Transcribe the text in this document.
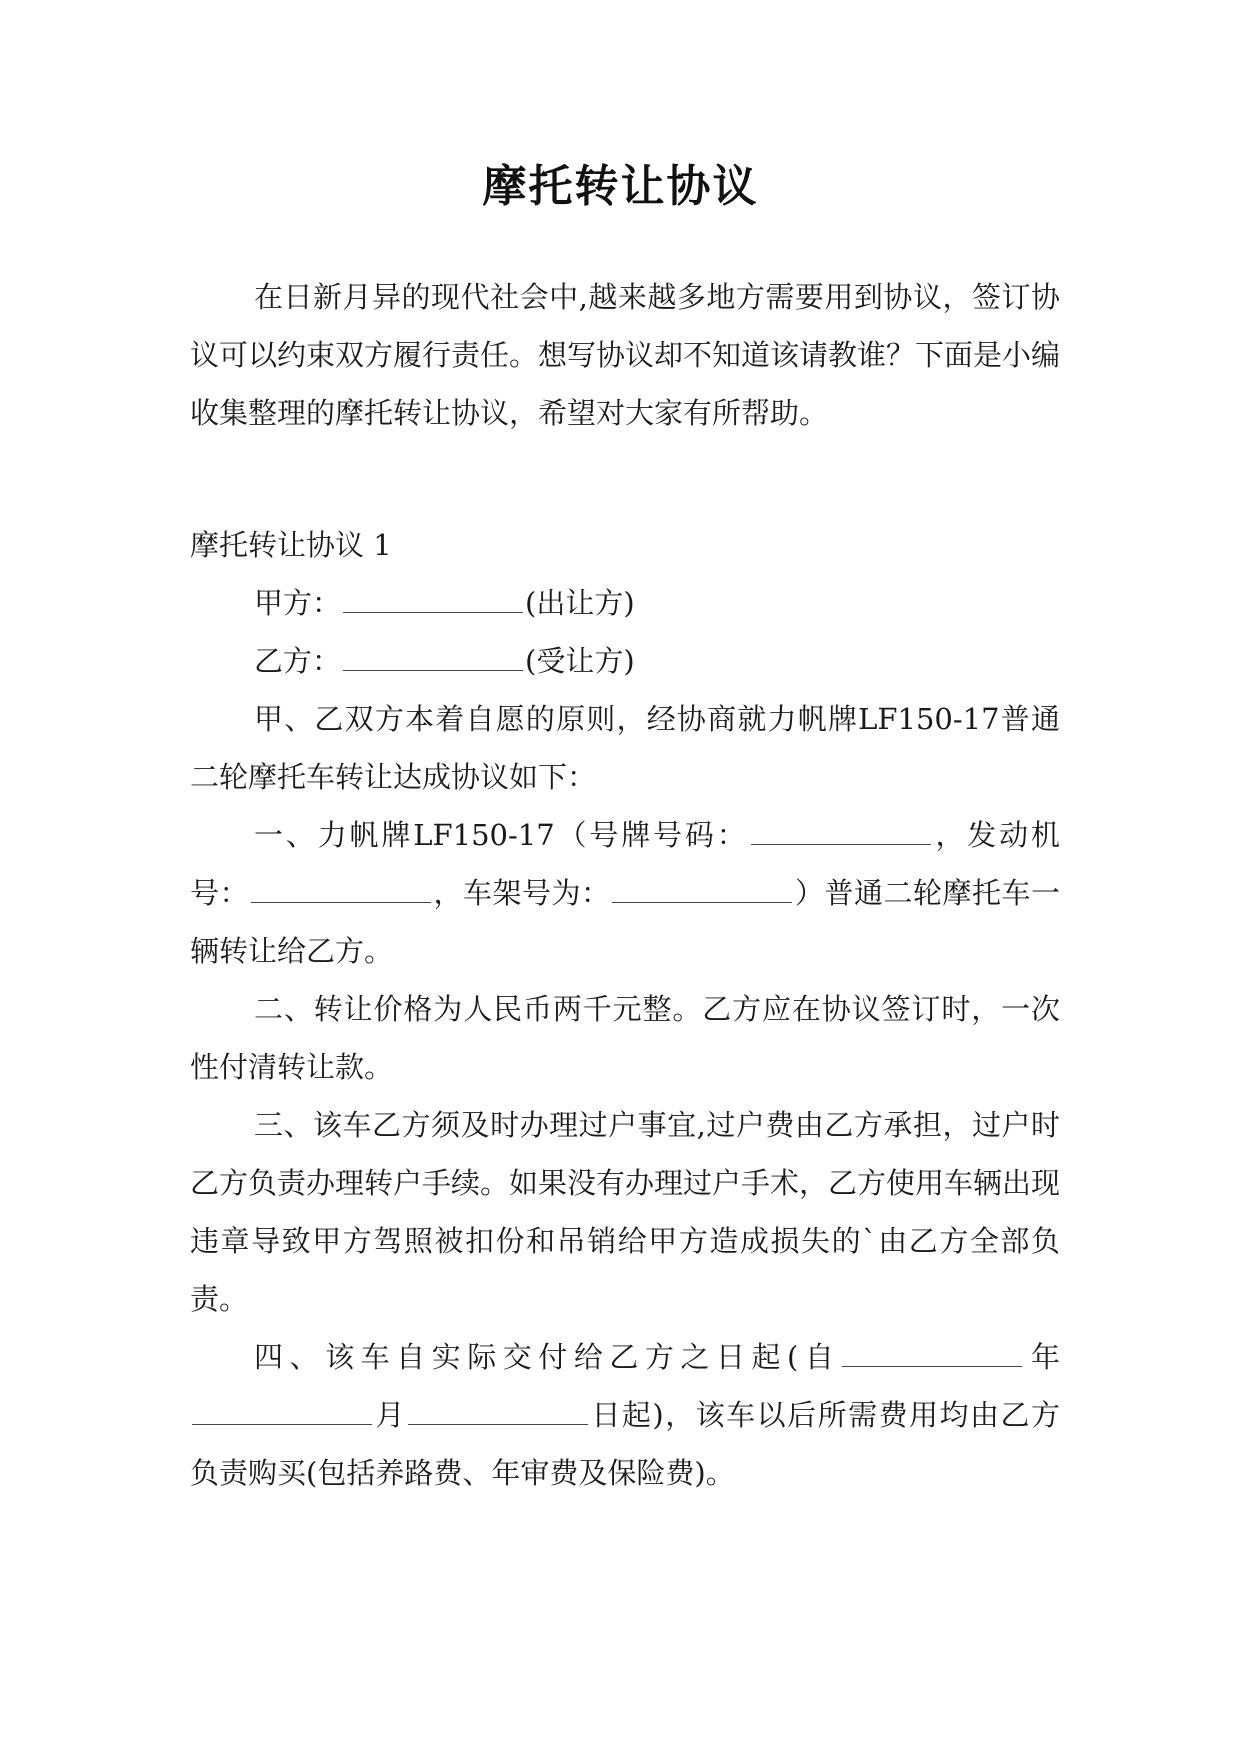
摩托转让协议

在日新月异的现代社会中,越来越多地方需要用到协议，签订协议可以约束双方履行责任。想写协议却不知道该请教谁？下面是小编收集整理的摩托转让协议，希望对大家有所帮助。

摩托转让协议 1

甲方：	(出让方)

乙方：	(受让方)

甲、乙双方本着自愿的原则，经协商就力帆牌LF150-17普通二轮摩托车转让达成协议如下：

一、力帆牌LF150-17（号牌号码：	，发动机号：	，车架号为：	）普通二轮摩托车一辆转让给乙方。

二、转让价格为人民币两千元整。乙方应在协议签订时，一次性付清转让款。

三、该车乙方须及时办理过户事宜,过户费由乙方承担，过户时乙方负责办理转户手续。如果没有办理过户手术，乙方使用车辆出现违章导致甲方驾照被扣份和吊销给甲方造成损失的`由乙方全部负责。

四、该车自实际交付给乙方之日起(自	年月	日起)，该车以后所需费用均由乙方负责购买(包括养路费、年审费及保险费)。
